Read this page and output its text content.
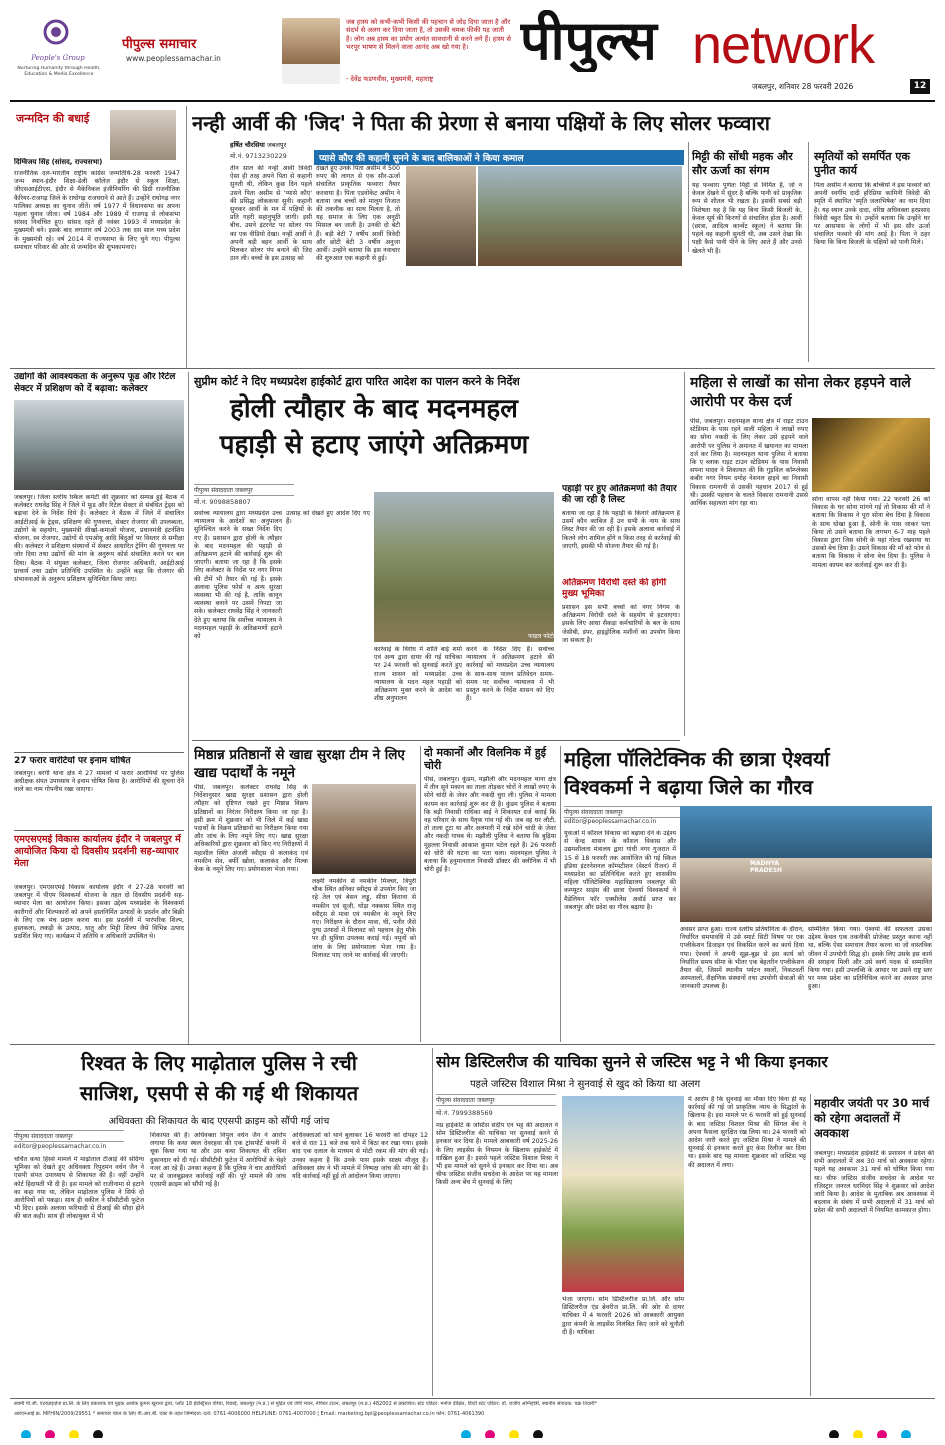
People's Group
Nurturing Humanity through Health, Education & Media Excellence
पीपुल्स समाचार
www.peoplessamachar.in
जब हास्य को कभी-कभी किसी की पहचान से जोड़ दिया जाता है और संदर्भ से अलग कर दिया जाता है, तो उसकी चमक फीकी पड़ जाती है। लोग अब हास्य का प्रयोग अत्यंत सावधानी से करने लगे हैं। हास्य से भरपूर भाषण से मिलने वाला आनंद अब खो गया है।
- देवेंद्र फडणवीस, मुख्यमंत्री, महाराष्ट्र
पीपुल्स network
जबलपुर, शनिवार 28 फरवरी 2026	12
जन्मदिन की बधाई
दिग्विजय सिंह (सांसद, राज्यसभा)
राजनीतिक दल-भारतीय राष्ट्रीय कांग्रेस जन्मतिथि-28 फरवरी 1947 जन्म स्थान-इंदौर शिक्षा-डेली कॉलेज इंदौर से स्कूल शिक्षा, जीएसआईटीएस, इंदौर से मैकेनिकल इंजीनियरिंग की डिग्री राजनीतिक कैरियर-राजगढ़ जिले के राघोगढ़ राजघराने से आते हैं। उन्होंने राघोगढ़ नगर पालिका अध्यक्ष का चुनाव जीतें। वर्ष 1977 में विधानसभा का अपना पहला चुनाव जीता। वर्ष 1984 और 1989 में राजगढ़ से लोकसभा सांसद निर्वाचित हुए। सांसद रहते ही नवंबर 1993 में मध्यप्रदेश के मुख्यमंत्री बने। इसके बाद लगातार वर्ष 2003 तक दस साल मध्य प्रदेश के मुख्यमंत्री रहे। वर्ष 2014 में राज्यसभा के लिए चुने गए। पीपुल्स समाचार परिवार की ओर से जन्मदिन की शुभकामनाएं।
नन्ही आर्वी की 'जिद' ने पिता की प्रेरणा से बनाया पक्षियों के लिए सोलर फव्वारा
हर्षित चौरसिया जबलपुर
मो.नं. 9713230229	प्यासे कौए की कहानी सुनने के बाद बालिकाओं ने किया कमाल
तीन साल की नन्हीं आर्वी त्रिवेदी ऐसा ही तरह अपने पिता से कहानी सुनती थी, लेकिन कुछ दिन पहले उसने पिता असीम से 'प्यासे कौए' की प्रसिद्ध लोककथा सुनी। कहानी सुनकर आर्वी के मन में पक्षियों के प्रति गहरी सहानुभूति जागी। इसी बीच, उसने इंटरनेट पर सोलर पंप का एक वीडियो देखा। नन्हीं आर्वी ने अपनी बड़ी बहन आर्वी के साथ मिलकर सोलर पंप बनाने की जिद ठान ली। बच्चों के इस उत्साह को
देखते हुए उनके पिता असीम ने 500 रुपए की लागत से एक सौर-ऊर्जा संचालित प्राकृतिक फव्वारा तैयार करवाया है। पिता एडवोकेट असीम ने बताया जब बच्चों को मालूम निजात की तकनीक का साथ मिलता है, तो यह समाज के लिए एक अनूठी मिसाल बन जाती है। उनकी दो बेटी हैं। बड़ी बेटी 7 वर्षीय आर्वी त्रिवेदी और छोटी बेटी 3 वर्षीय अनुजा आर्वी। उन्होंने बताया कि इस नवाचार की शुरुआत एक कहानी से हुई।
मिट्टी की सोंधी महक और सौर ऊर्जा का संगम
यह फव्वारा पूर्णतः मिट्टी से निर्मित है, जो न केवल देखने में सुंदर है बल्कि पानी को प्राकृतिक रूप से शीतल भी रखता है। इसकी सबसे बड़ी विशेषता यह है कि यह बिना किसी बिजली के, केवल सूर्य की किरणों से संचालित होता है। आर्वी (छात्रा, आदित्य कान्वेंट स्कूल) ने बताया कि पहले वह कहानी सुनती थी, अब उसने देखा कि पक्षी कैसे पानी पीने के लिए आते हैं और उनसे खेलते भी हैं।
स्मृतियों को समर्पित एक पुनीत कार्य
पिता असीम ने बताया कि बच्चियों ने इस फव्वारे को अपनी स्वर्गीय दादी हरिप्रिया कामिनी त्रिवेदी की स्मृति में स्थापित 'स्मृति जलाभिषेक' का नाम दिया है। यह स्थान उनके दादा, वरिष्ठ अधिवक्ता हरप्रसाद त्रिवेदी बहुत प्रिय थे। उन्होंने बताया कि उन्होंने घर पर आसपास के लोगों में भी इस सौर ऊर्जा संचालित फव्वारे की मांग आई है। पिता ने ठहर किया कि बिना बिजली के पक्षियों को पानी मिले।
उद्योगों की आवश्यकता के अनुरूप फूड और रिटेल सेक्टर में प्रशिक्षण को दें बढ़ावा: कलेक्टर
जबलपुर। जिला स्तरीय स्किल कमेटी की शुक्रवार को सम्पन्न हुई बैठक में कलेक्टर राघवेंद्र सिंह ने जिले में फूड और रिटेल सेक्टर से संबंधित ट्रेड्स को बढ़ावा देने के निर्देश दिये हैं। कलेक्टर ने बैठक में जिले में संचालित आईटीआई के ट्रेड्स, प्रशिक्षण की गुणवत्ता, सेक्टर रोजगार की उपलब्धता, उद्योगों के सहयोग, मुख्यमंत्री सीखो-कमाओ योजना, प्रधानमंत्री इंटर्नशिप योजना, स्व रोजगार, उद्योगों से एमओयू आदि बिंदुओं पर विस्तार से समीक्षा की। कलेक्टर ने प्रशिक्षण संस्थानों में सेक्टर आधारित ट्रेनिंग की गुणवत्ता पर जोर दिया तथा उद्योगों की मांग के अनुरूप कोर्स संचालित करने पर बल दिया। बैठक में संयुक्त कलेक्टर, जिला रोजगार अधिकारी, आईटीआई प्राचार्य तथा उद्योग प्रतिनिधि उपस्थित थे। उन्होंने कहा कि रोजगार की संभावनाओं के अनुरूप प्रशिक्षण सुनिश्चित किया जाए।
27 फरार वारंटियों पर इनाम घोषित
जबलपुर। बरगी थाना क्षेत्र में 27 मामलों में फरार आरोपियों पर पुलिस अधीक्षक संपत उपाध्याय ने इनाम घोषित किया है। आरोपियों की सूचना देने वाले का नाम गोपनीय रखा जाएगा।
एमएसएमई विकास कार्यालय इंदौर ने जबलपुर में आयोजित किया दो दिवसीय प्रदर्शनी सह-व्यापार मेला
जबलपुर। एमएसएमई विकास कार्यालय इंदौर ने 27-28 फरवरी को जबलपुर में पीएम विश्वकर्मा योजना के तहत दो दिवसीय प्रदर्शनी सह-व्यापार मेला का आयोजन किया। इसका उद्देश्य मध्यप्रदेश के विश्वकर्मा कारीगरों और शिल्पकारों को अपने हस्तनिर्मित उत्पादों के प्रदर्शन और बिक्री के लिए एक मंच प्रदान करना था। इस प्रदर्शनी में पारंपरिक शिल्प, हस्तकला, लकड़ी के उत्पाद, धातु और मिट्टी शिल्प जैसे विभिन्न उत्पाद प्रदर्शित किए गए। कार्यक्रम में अतिथि व अधिकारी उपस्थित थे।
सुप्रीम कोर्ट ने दिए मध्यप्रदेश हाईकोर्ट द्वारा पारित आदेश का पालन करने के निर्देश
होली त्यौहार के बाद मदनमहल
पहाड़ी से हटाए जाएंगे अतिक्रमण
पीपुल्स संवाददाता जबलपुर
मो.नं. 9098858807
सर्वोच्च न्यायालय द्वारा मध्यप्रदेश उच्च न्यायालय के आदेशों का अनुपालन सुनिश्चित करने के सख्त निर्देश दिए गए हैं। प्रशासन द्वारा होली के त्यौहार के बाद मदनमहल की पहाड़ी से अतिक्रमण हटाने की कार्रवाई शुरू की जाएगी। बताया जा रहा है कि इसके लिए कलेक्टर के निर्देश पर नगर निगम की टीमें भी तैयार की गई हैं। इसके अलावा पुलिस फोर्स व अन्य सुरक्षा व्यवस्था भी की गई है, ताकि कानून व्यवस्था बनाने पर उसमें निपटा जा सके। कलेक्टर राघवेंद्र सिंह ने जानकारी देते हुए बताया कि सर्वोच्च न्यायालय ने मदनमहल पहाड़ी के अतिक्रमणों हटाने को
उत्साह को देखते हुए आदेश दिए गए हैं।
फाइल फोटो
कार्रवाई के विरोध में शांति बाई शर्मा एवं अन्य द्वारा दायर की गई याचिका पर 24 फरवरी को सुनवाई करते हुए राज्य शासन को मध्यप्रदेश उच्च न्यायालय के मदन महल पहाड़ी को अतिक्रमण मुक्त करने के आदेश का शीघ्र अनुपालन
करने के निर्देश दिए हैं। सर्वोच्च न्यायालय ने अतिक्रमण हटाने की कार्रवाई को मध्यप्रदेश उच्च न्यायालय के साथ-साथ पालन प्रतिवेदन समय-समय पर सर्वोच्च न्यायालय में भी प्रस्तुत करने के निर्देश शासन को दिए हैं।
पहाड़ी पर हुए अतिक्रमणों की तैयार की जा रही है लिस्ट
बताया जा रहा है कि पहाड़ी के किनारे अतिक्रमण है उसमें कौन काबिज हैं उन सभी के नाम के साथ लिस्ट तैयार की जा रही है। इसके अलावा कार्रवाई में कितने लोग शामिल होंगे व किस तरह से कार्रवाई की जाएगी, इसकी भी योजना तैयार की गई है।
अतिक्रमण विरोधी दस्ते की होगी मुख्य भूमिका
प्रशासन इस सभी बच्चों को नगर निगम के अतिक्रमण विरोधी दस्ते के सहयोग से हटवाएगा। इसके लिए आधा सैकड़ा कर्मचारियों के बल के साथ जेसीबी, डंपर, हाइड्रोलिक मशीनों का उपयोग किया जा सकता है।
महिला से लाखों का सोना लेकर हड़पने वाले आरोपी पर केस दर्ज
पीसं, जबलपुर। मदनमहल थाना क्षेत्र में राइट टाउन स्टेडियम के पास रहने वाली महिला ने लाखों रुपए का सोना नकदी के लिए लेकर उसे हड़पने वाले आरोपी पर पुलिस ने अमानत में खयानत का मामला दर्ज कर लिया है। मदनमहल थाना पुलिस ने बताया कि ए ब्लाक राइट टाउन स्टेडियम के पास निवासी सपना यादव ने शिकायत की कि गुड़विल कॉम्प्लेक्स कबीर नगर नियम दमोह नेशनल हाइवे का निवासी विकास रामनानी से उसकी पहचान 2017 से हुई थी। उसकी पहचान के चलते विकास रामनानी उससे आर्थिक सहायता मांग रहा था।
सोना वापस नहीं किया गया। 22 फरवरी 26 को विकास के घर सोना मांगने गई तो विकास की माँ ने बताया कि विकास ने पूरा सोना बेच दिया है विकास के साथ धोखा हुआ है, सोनी के पास जाकर पता किया तो उसने बताया कि लगभग 6-7 माह पहले विकास द्वारा जिस सोनी के यहां गोल्ड रखवाया था उसको बेच दिया है। उसने विकास की माँ को फोन से बताया कि विकास ने सोना बेच दिया है। पुलिस ने मामला कायम कर कार्रवाई शुरू कर दी है।
मिष्ठान्न प्रतिष्ठानों से खाद्य सुरक्षा टीम ने लिए खाद्य पदार्थों के नमूने
पीसं, जबलपुर। कलेक्टर राघवेंद्र सिंह के निर्देशानुसार खाद्य सुरक्षा प्रशासन द्वारा होली त्यौहार को दृष्टिगत रखते हुए मिष्ठान्न विक्रय प्रतिष्ठानों का निरंतर निरीक्षण किया जा रहा है। इसी क्रम में शुक्रवार को भी जिले में कई खाद्य पदार्थों के विक्रय प्रतिष्ठानों का निरीक्षण किया गया और जांच के लिए नमूने लिए गए। खाद्य सुरक्षा अधिकारियों द्वारा शुक्रवार को किए गए निरीक्षणों में महाशील स्थित अंजली स्वीट्स से कलाकंद एवं नमकीन सेव, बर्फी खोवा, कलाकंद और मिल्क केक के नमूने लिए गए। प्रयोगशाला भेजा गया।
लक्ष्मी नमकीन से नमकीन मिक्चर, त्रिपुरी चौक स्थित अनिका स्वीट्स से उपयोग किए जा रहे तेल एवं बेसन लड्डू, सीधा किराना से नमकीन एवं सूजी, घोड़ा नक्कास स्थित राजू स्वीट्स से मावा एवं नमकीन के नमूने लिए गए। निरीक्षण के दौरान मावा, घी, पनीर जैसे दुग्ध उत्पादों में मिलावट को पहचान हेतु मौके पर ही सुविधा उपलब्ध कराई गई। नमूनों को जांच के लिए प्रयोगशाला भेजा गया है। मिलावट पाए जाने पर कार्रवाई की जाएगी।
दो मकानों और विलनिक में हुई चोरी
पीसं, जबलपुर। कुंडम, मझौली और मदनमहल थाना क्षेत्र में तीन सूने मकान का ताला तोड़कर चोरों ने लाखों रुपए के सोने चांदी के जेवर और नकदी चुरा ली। पुलिस ने मामला कायम कर कार्रवाई शुरू कर दी है। कुंडम पुलिस ने बताया कि बड़ी निवासी राधिका बाई ने शिकायत दर्ज कराई कि वह परिवार के साथ पैतृक गांव गई थी। जब वह घर लौटी, तो ताला टूटा था और अलमारी में रखे सोने चांदी के जेवर और नकदी गायब थे। मझौली पुलिस ने बताया कि बुढ़िया मुहल्ला निवासी आकाश कुमार पटेल रहते हैं। 26 फरवरी को चोरी की घटना का पता चला। मदनमहल पुलिस ने बताया कि हनुमानताल निवासी डॉक्टर की क्लीनिक में भी चोरी हुई है।
महिला पॉलिटेक्निक की छात्रा ऐश्वर्या
विश्वकर्मा ने बढ़ाया जिले का गौरव
पीपुल्स संवाददाता जबलपुर
editor@peoplessamachar.co.in
युवाओं में कौशल विकास को बढ़ावा देने के उद्देश्य से केन्द्र शासन के कौशल विकास और उद्यमशीलता मंत्रालय द्वारा गांधी नगर गुजरात में 15 से 18 फरवरी तक आयोजित की गई स्किल इंडिया इंटरनेशनल कॉम्पटीशन (वेस्टर्न रीजन) में मध्यप्रदेश का प्रतिनिधित्व करते हुए शासकीय महिला पॉलिटेक्निक महाविद्यालय जबलपुर की कम्प्यूटर साइंस की छात्रा ऐश्वर्या विश्वकर्मा ने मैडेलियन फॉर एक्सीलेंस अवॉर्ड प्राप्त कर जबलपुर और प्रदेश का गौरव बढ़ाया है।
MADHYA PRADESH
अवसर प्राप्त हुआ। राज्य स्तरीय प्रतियोगिता के दौरान, निर्धारित समयावधि में उसे स्मार्ट सिटी विषय पर एक एप्लीकेशन डिजाइन एवं विकसित करने का कार्य दिया गया। ऐश्वर्या ने अपनी सूझ-बूझ से इस कार्य को निर्धारित समय सीमा के भीतर एक बेहतरीन एप्लीकेशन तैयार की, जिसमें स्थानीय पर्यटन स्थलों, निकटवर्ती अस्पतालों, शैक्षणिक संस्थानों तथा उपयोगी सेवाओं की जानकारी उपलब्ध है।
सम्मिलित किया गया। ऐश्वर्या की सफलता उसका उद्देश्य केवल एक तकनीकी प्रोजेक्ट प्रस्तुत करना नहीं था, बल्कि ऐसा समाधान तैयार करना था जो वास्तविक जीवन में उपयोगी सिद्ध हो। इसके लिए उसके इस कार्य की सराहना मिली और उसे स्वर्ण पदक से सम्मानित किया गया। इसी उपलब्धि के आधार पर उसने राष्ट्र स्तर पर मध्य प्रदेश का प्रतिनिधित्व करने का अवसर प्राप्त हुआ।
रिश्वत के लिए माढ़ोताल पुलिस ने रची
साजिश, एसपी से की गई थी शिकायत
अधिवक्ता की शिकायत के बाद एएसपी क्राइम को सौंपी गई जांच
पीपुल्स संवाददाता जबलपुर
editor@peoplessamachar.co.in
चर्चित कथा हिस्से मामले में माढ़ोताल टीआई की संदिग्ध भूमिका को देखते हुए अधिवक्ता रिपुदमन वर्धन जैन ने एसपी संपत उपाध्याय से शिकायत की है। वहीं उन्होंने कोर्ट हिदायती भी दी है। इस मामले को राजीनामा से हटाने का कहा गया था, लेकिन माढ़ोताल पुलिस ने सिर्फ दो आरोपियों को पकड़ा। साथ ही वकील ने सीसीटीवी फुटेज भी दिए। इसके अलावा फरियादी से टीआई की सौदा होने की बात कही। साथ ही लोकायुक्त में भी
शिकायत की है। अधिवक्ता विपुल वर्धन जैन ने आरोप लगाया कि कथा स्थल देवरहवा की एक ट्रांसपोर्ट कंपनी में चूक किया गया था और उस कथा शिकायत की दबिश दुकानदार को दी गई। सीसीटीवी फुटेज में आरोपियों के चेहरे नजर आ रहे हैं। उनका कहना है कि पुलिस ने चार आरोपियों पर से जानबूझकर कार्रवाई नहीं की। पूरे मामले की जांच एएसपी क्राइम को सौंपी गई है।
अधिवक्ताओं को थाने बुलाकर 16 फरवरी को दोपहर 12 बजे से रात 11 बजे तक थाने में बिठा कर रखा गया। इसके बाद एक दलाल के माध्यम से मोटी रकम की मांग की गई। उनका कहना है कि उनके पास इसके साक्ष्य मौजूद हैं। अधिवक्ता संघ ने भी मामले में निष्पक्ष जांच की मांग की है। यदि कार्रवाई नहीं हुई तो आंदोलन किया जाएगा।
सोम डिस्टिलरीज की याचिका सुनने से जस्टिस भट्ट ने भी किया इनकार
पहले जस्टिस विशाल मिश्रा ने सुनवाई से खुद को किया था अलग
पीपुल्स संवाददाता जबलपुर
मो.नं. 7999388569
मप्र हाईकोर्ट के जस्टिस संदीप एन भट्ट की अदालत ने सोम डिस्टिलरीज की याचिका पर सुनवाई करने से इनकार कर दिया है। मामले आबकारी वर्ष 2025-26 के लिए लाइसेंस के नियमन के खिलाफ हाईकोर्ट में दाखिल हुआ है। इससे पहले जस्टिस विशाल मिश्रा ने भी इस मामले को सुनने से इनकार कर दिया था। अब चीफ जस्टिस संजीव सचदेवा के आदेश पर यह मामला किसी अन्य बेंच में सुनवाई के लिए
भेजा जाएगा। सोम डिस्टिलरीज प्रा.लि. और सोम डिस्टिलरीज एंड ब्रेवरीज प्रा.लि. की ओर से दायर याचिका में 4 फरवरी 2026 को आबकारी आयुक्त द्वारा कंपनी के लाइसेंस निलंबित किए जाने को चुनौती दी है। याचिका
में आरोप है कि सुनवाई का मौका दिए बिना ही यह कार्रवाई की गई जो प्राकृतिक न्याय के सिद्धांतों के खिलाफ है। इस मामले पर 6 फरवरी को हुई सुनवाई के बाद जस्टिस विशाल मिश्रा की सिंगल बेंच ने अपना फैसला सुरक्षित रख लिया था। 24 फरवरी को आदेश जारी करते हुए जस्टिस मिश्रा ने मामले की सुनवाई से इनकार करते हुए केस रिलीज कर दिया था। इसके बाद यह मामला शुक्रवार को जस्टिस भट्ट की अदालत में लगा।
महावीर जयंती पर 30 मार्च को रहेगा अदालतों में अवकाश
जबलपुर। मध्यप्रदेश हाईकोर्ट के प्रशासन ने प्रदेश की सभी अदालतों में अब 30 मार्च को अवकाश रहेगा। पहले यह अवकाश 31 मार्च को घोषित किया गया था। चीफ जस्टिस संजीव सचदेवा के आदेश पर रजिस्ट्रार जनरल धरमिंदर सिंह ने शुक्रवार को आदेश जारी किया है। आदेश के मुताबिक अब आवश्यक में बदलाव के संबंध में सभी अदालतों में 31 मार्च को प्रदेश की सभी अदालतों में नियमित कामकाज होगा।
स्वामी पी.जी. एंटरप्राइज़ेज प्रा.लि. के लिए प्रकाशक एवं मुद्रक अशोक कुमार खुराना द्वारा, प्लॉट 18 इंडस्ट्रियल एरिया, रिछाई, जबलपुर (म.प्र.) से मुद्रित एवं जेपी भवन, नेपियर टाउन, जबलपुर (म.प्र.) 482002 से प्रकाशित। स्टेट एडिटर: मनोज दीक्षित, डिप्टी स्टेट एडिटर: डॉ. राजीव अग्निहोत्री, स्थानीय संपादक: चक्र तिवारी*
आरएनआई क्र. MPHIN/2009/29551 * समाचार चयन के लिए पी.आर.बी. एक्ट के तहत जिम्मेदार। दर्ता: 0761-4006000 HELPLINE: 0761-4007000 | Email: marketing.bpl@peoplessamachar.co.in फोन: 0761-4061390
